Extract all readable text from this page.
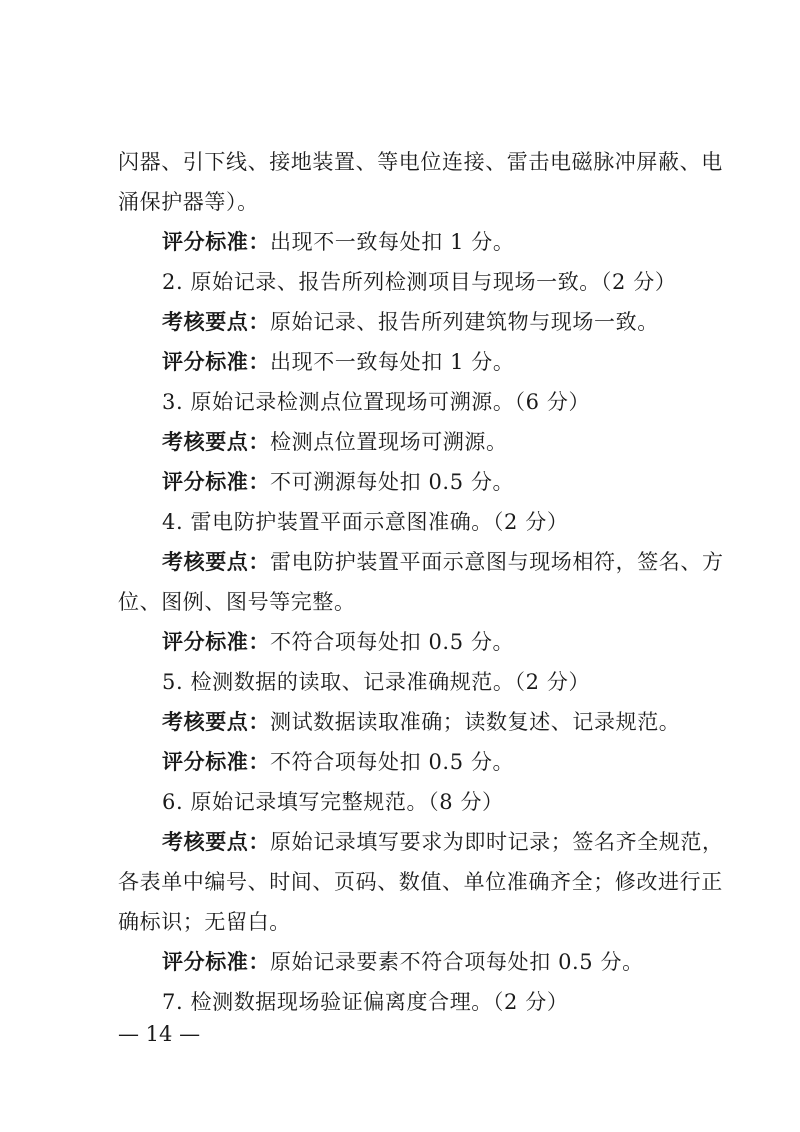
闪器、引下线、接地装置、等电位连接、雷击电磁脉冲屏蔽、电
涌保护器等）。
评分标准：出现不一致每处扣 1 分。
2. 原始记录、报告所列检测项目与现场一致。（2 分）
考核要点：原始记录、报告所列建筑物与现场一致。
评分标准：出现不一致每处扣 1 分。
3. 原始记录检测点位置现场可溯源。（6 分）
考核要点：检测点位置现场可溯源。
评分标准：不可溯源每处扣 0.5 分。
4. 雷电防护装置平面示意图准确。（2 分）
考核要点：雷电防护装置平面示意图与现场相符，签名、方
位、图例、图号等完整。
评分标准：不符合项每处扣 0.5 分。
5. 检测数据的读取、记录准确规范。（2 分）
考核要点：测试数据读取准确；读数复述、记录规范。
评分标准：不符合项每处扣 0.5 分。
6. 原始记录填写完整规范。（8 分）
考核要点：原始记录填写要求为即时记录；签名齐全规范，
各表单中编号、时间、页码、数值、单位准确齐全；修改进行正
确标识；无留白。
评分标准：原始记录要素不符合项每处扣 0.5 分。
7. 检测数据现场验证偏离度合理。（2 分）
— 14 —
